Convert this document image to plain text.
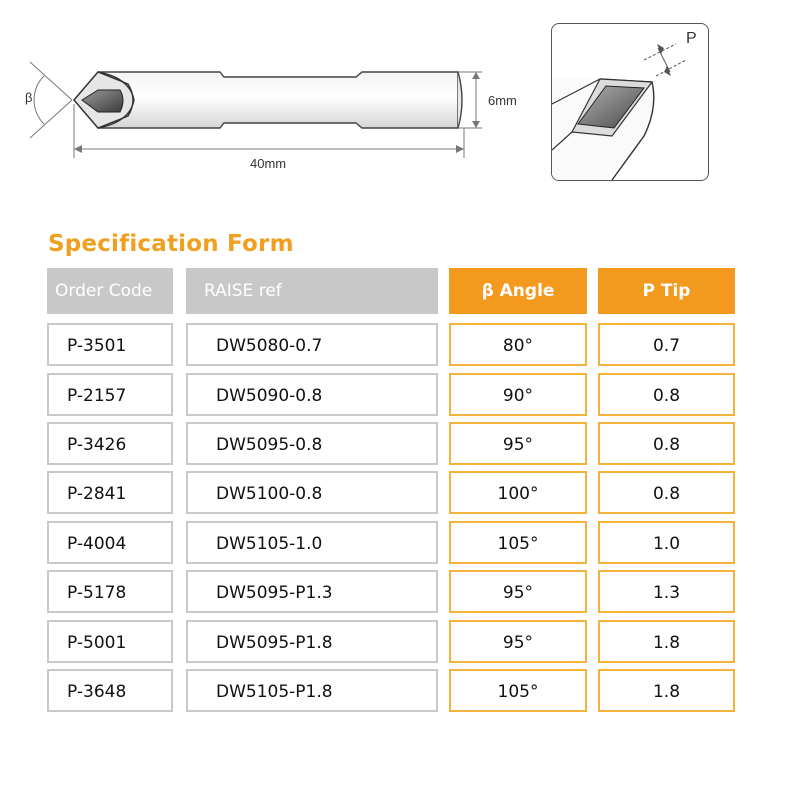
β	6mm
40mm
P
Specification Form
Order Code	RAISE ref	β Angle	P Tip
P-3501	DW5080-0.7	80°	0.7
P-2157	DW5090-0.8	90°	0.8
P-3426	DW5095-0.8	95°	0.8
P-2841	DW5100-0.8	100°	0.8
P-4004	DW5105-1.0	105°	1.0
P-5178	DW5095-P1.3	95°	1.3
P-5001	DW5095-P1.8	95°	1.8
P-3648	DW5105-P1.8	105°	1.8
